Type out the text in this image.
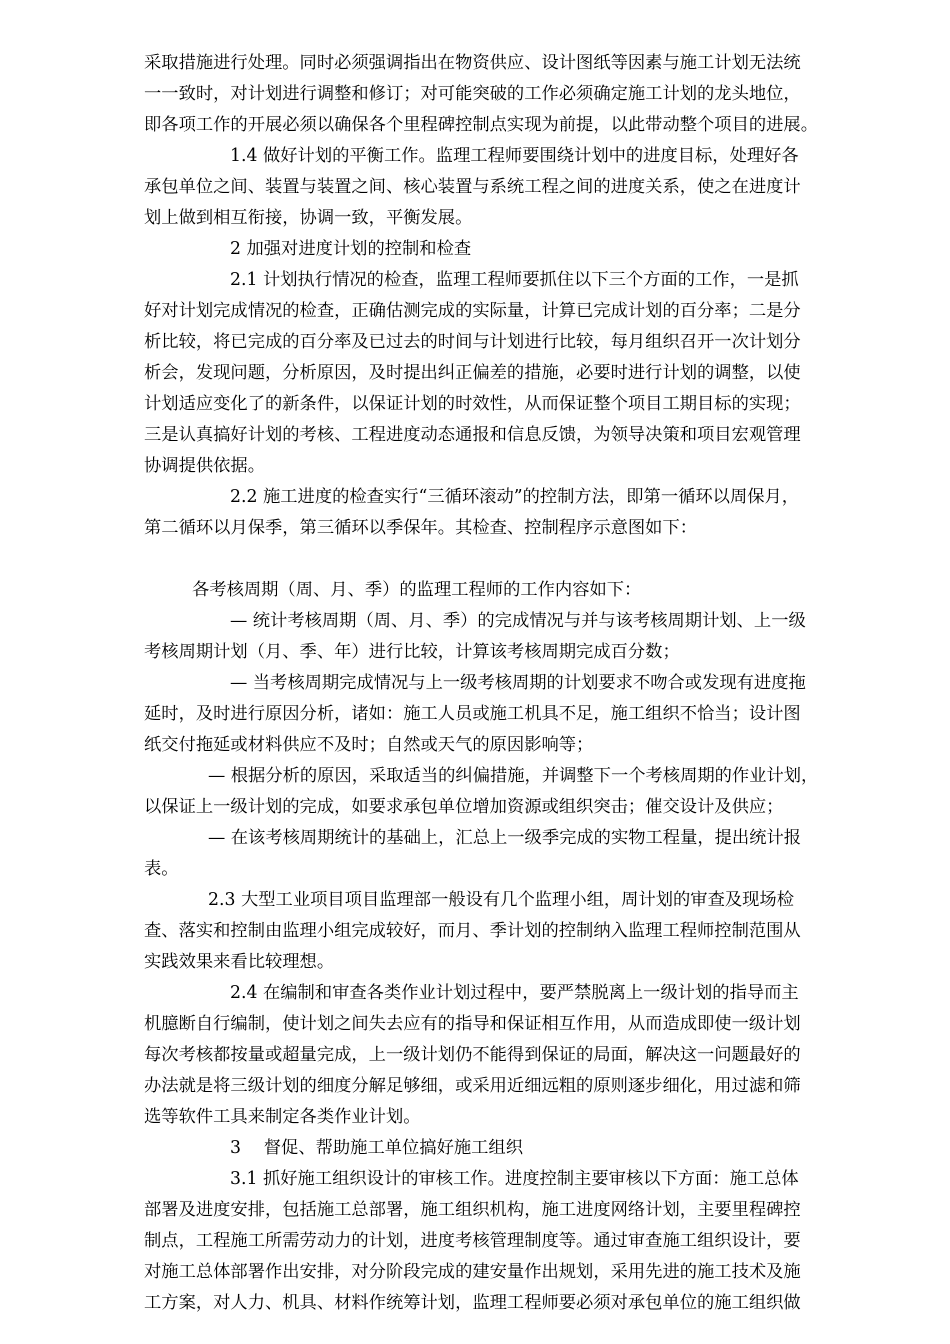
采取措施进行处理。同时必须强调指出在物资供应、设计图纸等因素与施工计划无法统
一一致时，对计划进行调整和修订；对可能突破的工作必须确定施工计划的龙头地位，
即各项工作的开展必须以确保各个里程碑控制点实现为前提，以此带动整个项目的进展。
1.4 做好计划的平衡工作。监理工程师要围绕计划中的进度目标，处理好各
承包单位之间、装置与装置之间、核心装置与系统工程之间的进度关系，使之在进度计
划上做到相互衔接，协调一致，平衡发展。
2 加强对进度计划的控制和检查
2.1 计划执行情况的检查，监理工程师要抓住以下三个方面的工作，一是抓
好对计划完成情况的检查，正确估测完成的实际量，计算已完成计划的百分率；二是分
析比较，将已完成的百分率及已过去的时间与计划进行比较，每月组织召开一次计划分
析会，发现问题，分析原因，及时提出纠正偏差的措施，必要时进行计划的调整，以使
计划适应变化了的新条件，以保证计划的时效性，从而保证整个项目工期目标的实现；
三是认真搞好计划的考核、工程进度动态通报和信息反馈，为领导决策和项目宏观管理
协调提供依据。
2.2 施工进度的检查实行“三循环滚动”的控制方法，即第一循环以周保月，
第二循环以月保季，第三循环以季保年。其检查、控制程序示意图如下：
各考核周期（周、月、季）的监理工程师的工作内容如下：
— 统计考核周期（周、月、季）的完成情况与并与该考核周期计划、上一级
考核周期计划（月、季、年）进行比较，计算该考核周期完成百分数；
— 当考核周期完成情况与上一级考核周期的计划要求不吻合或发现有进度拖
延时，及时进行原因分析，诸如：施工人员或施工机具不足，施工组织不恰当；设计图
纸交付拖延或材料供应不及时；自然或天气的原因影响等；
— 根据分析的原因，采取适当的纠偏措施，并调整下一个考核周期的作业计划，
以保证上一级计划的完成，如要求承包单位增加资源或组织突击；催交设计及供应；
— 在该考核周期统计的基础上，汇总上一级季完成的实物工程量，提出统计报
表。
2.3 大型工业项目项目监理部一般设有几个监理小组，周计划的审查及现场检
查、落实和控制由监理小组完成较好，而月、季计划的控制纳入监理工程师控制范围从
实践效果来看比较理想。
2.4 在编制和审查各类作业计划过程中，要严禁脱离上一级计划的指导而主
机臆断自行编制，使计划之间失去应有的指导和保证相互作用，从而造成即使一级计划
每次考核都按量或超量完成，上一级计划仍不能得到保证的局面，解决这一问题最好的
办法就是将三级计划的细度分解足够细，或采用近细远粗的原则逐步细化，用过滤和筛
选等软件工具来制定各类作业计划。
3　 督促、帮助施工单位搞好施工组织
3.1 抓好施工组织设计的审核工作。进度控制主要审核以下方面：施工总体
部署及进度安排，包括施工总部署，施工组织机构，施工进度网络计划，主要里程碑控
制点，工程施工所需劳动力的计划，进度考核管理制度等。通过审查施工组织设计，要
对施工总体部署作出安排，对分阶段完成的建安量作出规划，采用先进的施工技术及施
工方案，对人力、机具、材料作统筹计划，监理工程师要必须对承包单位的施工组织做
